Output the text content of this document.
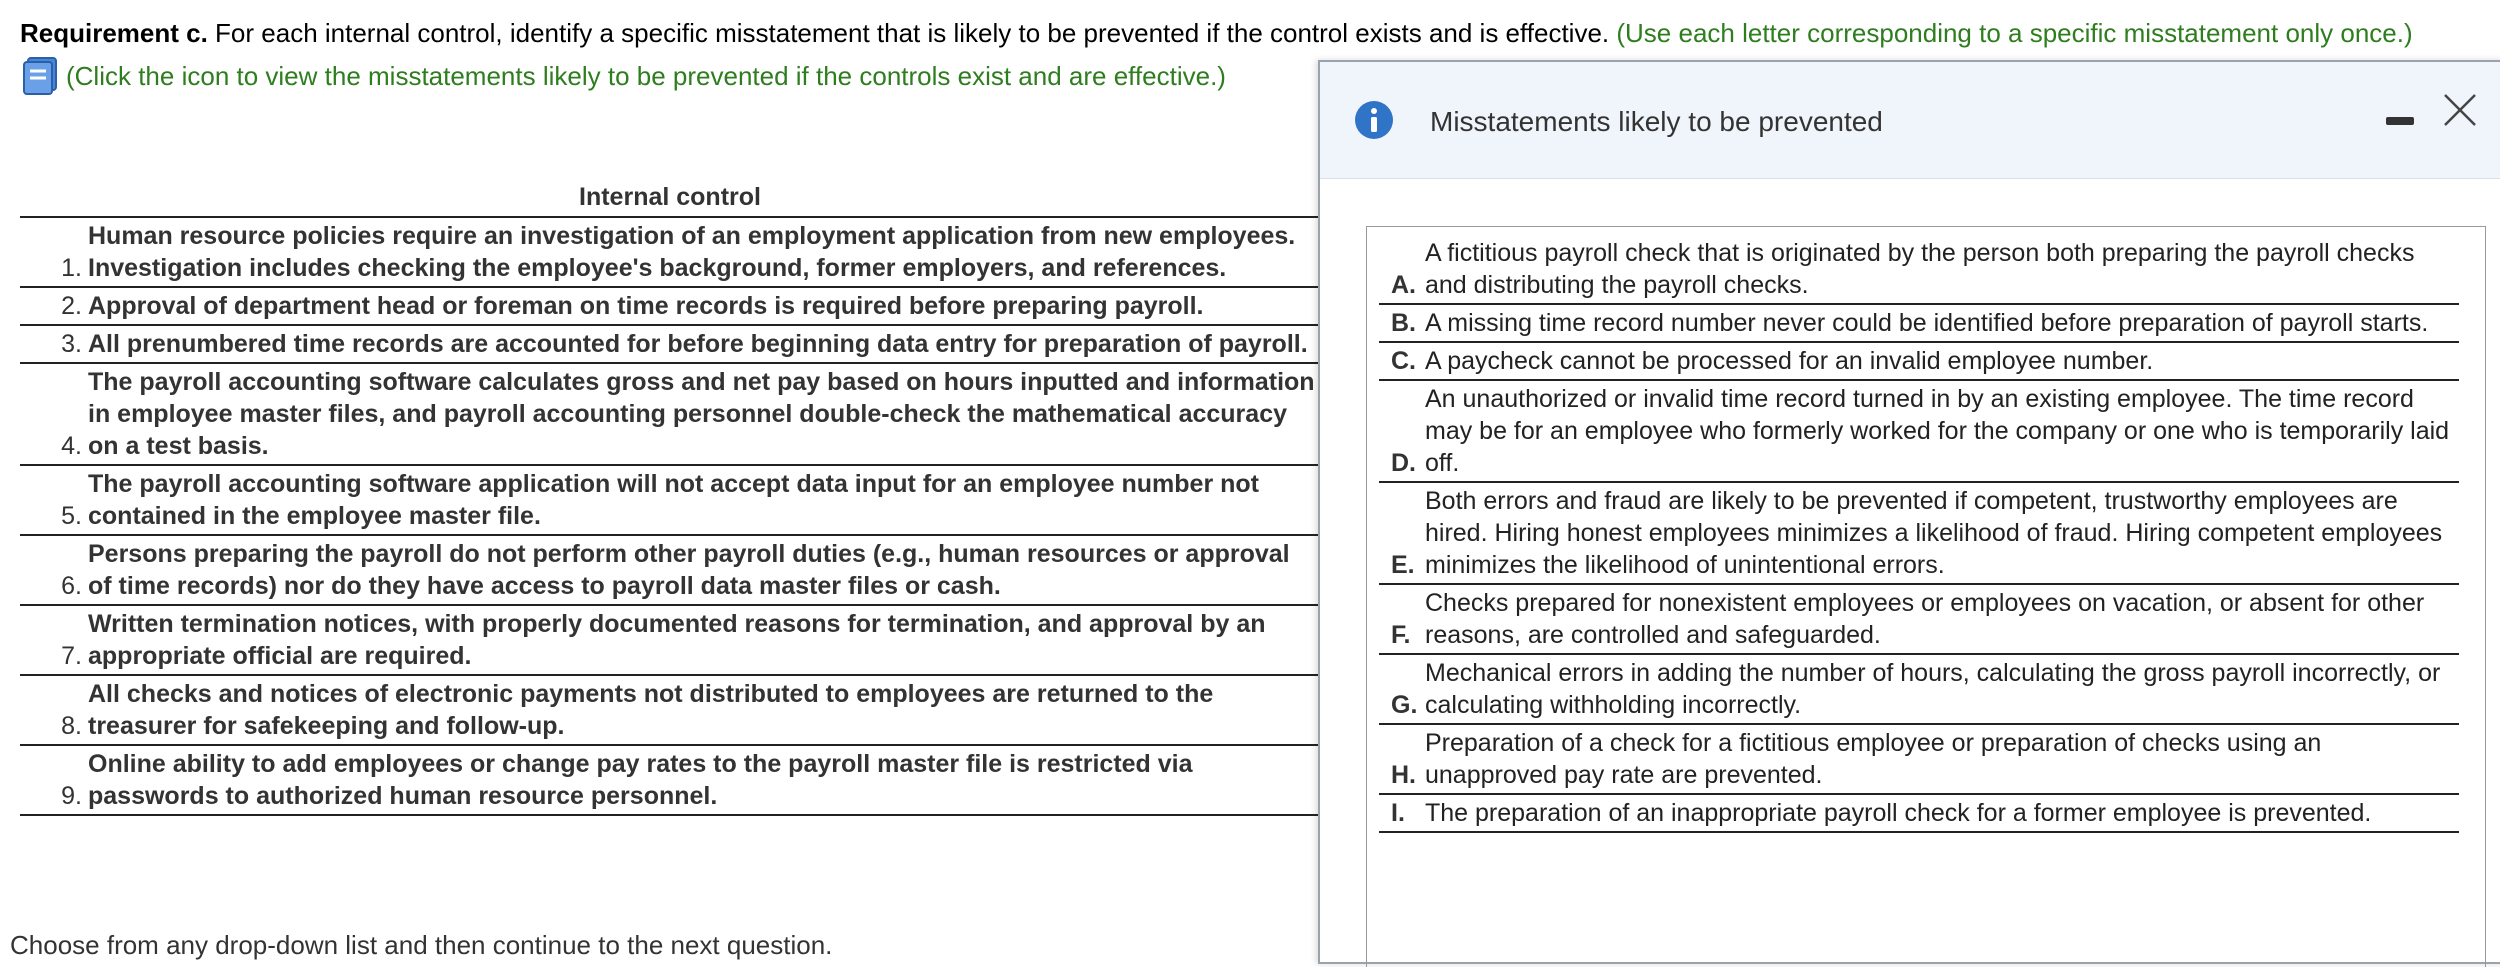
Requirement c. For each internal control, identify a specific misstatement that is likely to be prevented if the control exists and is effective. (Use each letter corresponding to a specific misstatement only once.)
(Click the icon to view the misstatements likely to be prevented if the controls exist and are effective.)
Internal control	
1.	Human resource policies require an investigation of an employment application from new employees. Investigation includes checking the employee's background, former employers, and references.
2.	Approval of department head or foreman on time records is required before preparing payroll.
3.	All prenumbered time records are accounted for before beginning data entry for preparation of payroll.
4.	The payroll accounting software calculates gross and net pay based on hours inputted and information in employee master files, and payroll accounting personnel double-check the mathematical accuracy on a test basis.
5.	The payroll accounting software application will not accept data input for an employee number not contained in the employee master file.
6.	Persons preparing the payroll do not perform other payroll duties (e.g., human resources or approval of time records) nor do they have access to payroll data master files or cash.
7.	Written termination notices, with properly documented reasons for termination, and approval by an appropriate official are required.
8.	All checks and notices of electronic payments not distributed to employees are returned to the treasurer for safekeeping and follow-up.
9.	Online ability to add employees or change pay rates to the payroll master file is restricted via passwords to authorized human resource personnel.
Choose from any drop-down list and then continue to the next question.
Misstatements likely to be prevented
A.	A fictitious payroll check that is originated by the person both preparing the payroll checks and distributing the payroll checks.
B.	A missing time record number never could be identified before preparation of payroll starts.
C.	A paycheck cannot be processed for an invalid employee number.
D.	An unauthorized or invalid time record turned in by an existing employee. The time record may be for an employee who formerly worked for the company or one who is temporarily laid off.
E.	Both errors and fraud are likely to be prevented if competent, trustworthy employees are hired. Hiring honest employees minimizes a likelihood of fraud. Hiring competent employees minimizes the likelihood of unintentional errors.
F.	Checks prepared for nonexistent employees or employees on vacation, or absent for other reasons, are controlled and safeguarded.
G.	Mechanical errors in adding the number of hours, calculating the gross payroll incorrectly, or calculating withholding incorrectly.
H.	Preparation of a check for a fictitious employee or preparation of checks using an unapproved pay rate are prevented.
I.	The preparation of an inappropriate payroll check for a former employee is prevented.
